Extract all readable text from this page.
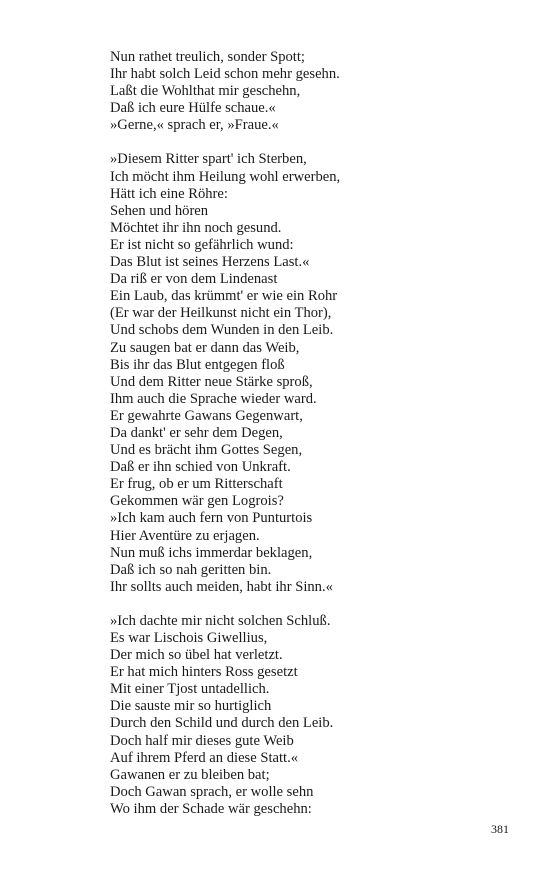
Nun rathet treulich, sonder Spott;
Ihr habt solch Leid schon mehr gesehn.
Laßt die Wohlthat mir geschehn,
Daß ich eure Hülfe schaue.«
»Gerne,« sprach er, »Fraue.«
»Diesem Ritter spart' ich Sterben,
Ich möcht ihm Heilung wohl erwerben,
Hätt ich eine Röhre:
Sehen und hören
Möchtet ihr ihn noch gesund.
Er ist nicht so gefährlich wund:
Das Blut ist seines Herzens Last.«
Da riß er von dem Lindenast
Ein Laub, das krümmt' er wie ein Rohr
(Er war der Heilkunst nicht ein Thor),
Und schobs dem Wunden in den Leib.
Zu saugen bat er dann das Weib,
Bis ihr das Blut entgegen floß
Und dem Ritter neue Stärke sproß,
Ihm auch die Sprache wieder ward.
Er gewahrte Gawans Gegenwart,
Da dankt' er sehr dem Degen,
Und es brächt ihm Gottes Segen,
Daß er ihn schied von Unkraft.
Er frug, ob er um Ritterschaft
Gekommen wär gen Logrois?
»Ich kam auch fern von Punturtois
Hier Aventüre zu erjagen.
Nun muß ichs immerdar beklagen,
Daß ich so nah geritten bin.
Ihr sollts auch meiden, habt ihr Sinn.«
»Ich dachte mir nicht solchen Schluß.
Es war Lischois Giwellius,
Der mich so übel hat verletzt.
Er hat mich hinters Ross gesetzt
Mit einer Tjost untadellich.
Die sauste mir so hurtiglich
Durch den Schild und durch den Leib.
Doch half mir dieses gute Weib
Auf ihrem Pferd an diese Statt.«
Gawanen er zu bleiben bat;
Doch Gawan sprach, er wolle sehn
Wo ihm der Schade wär geschehn:
381
